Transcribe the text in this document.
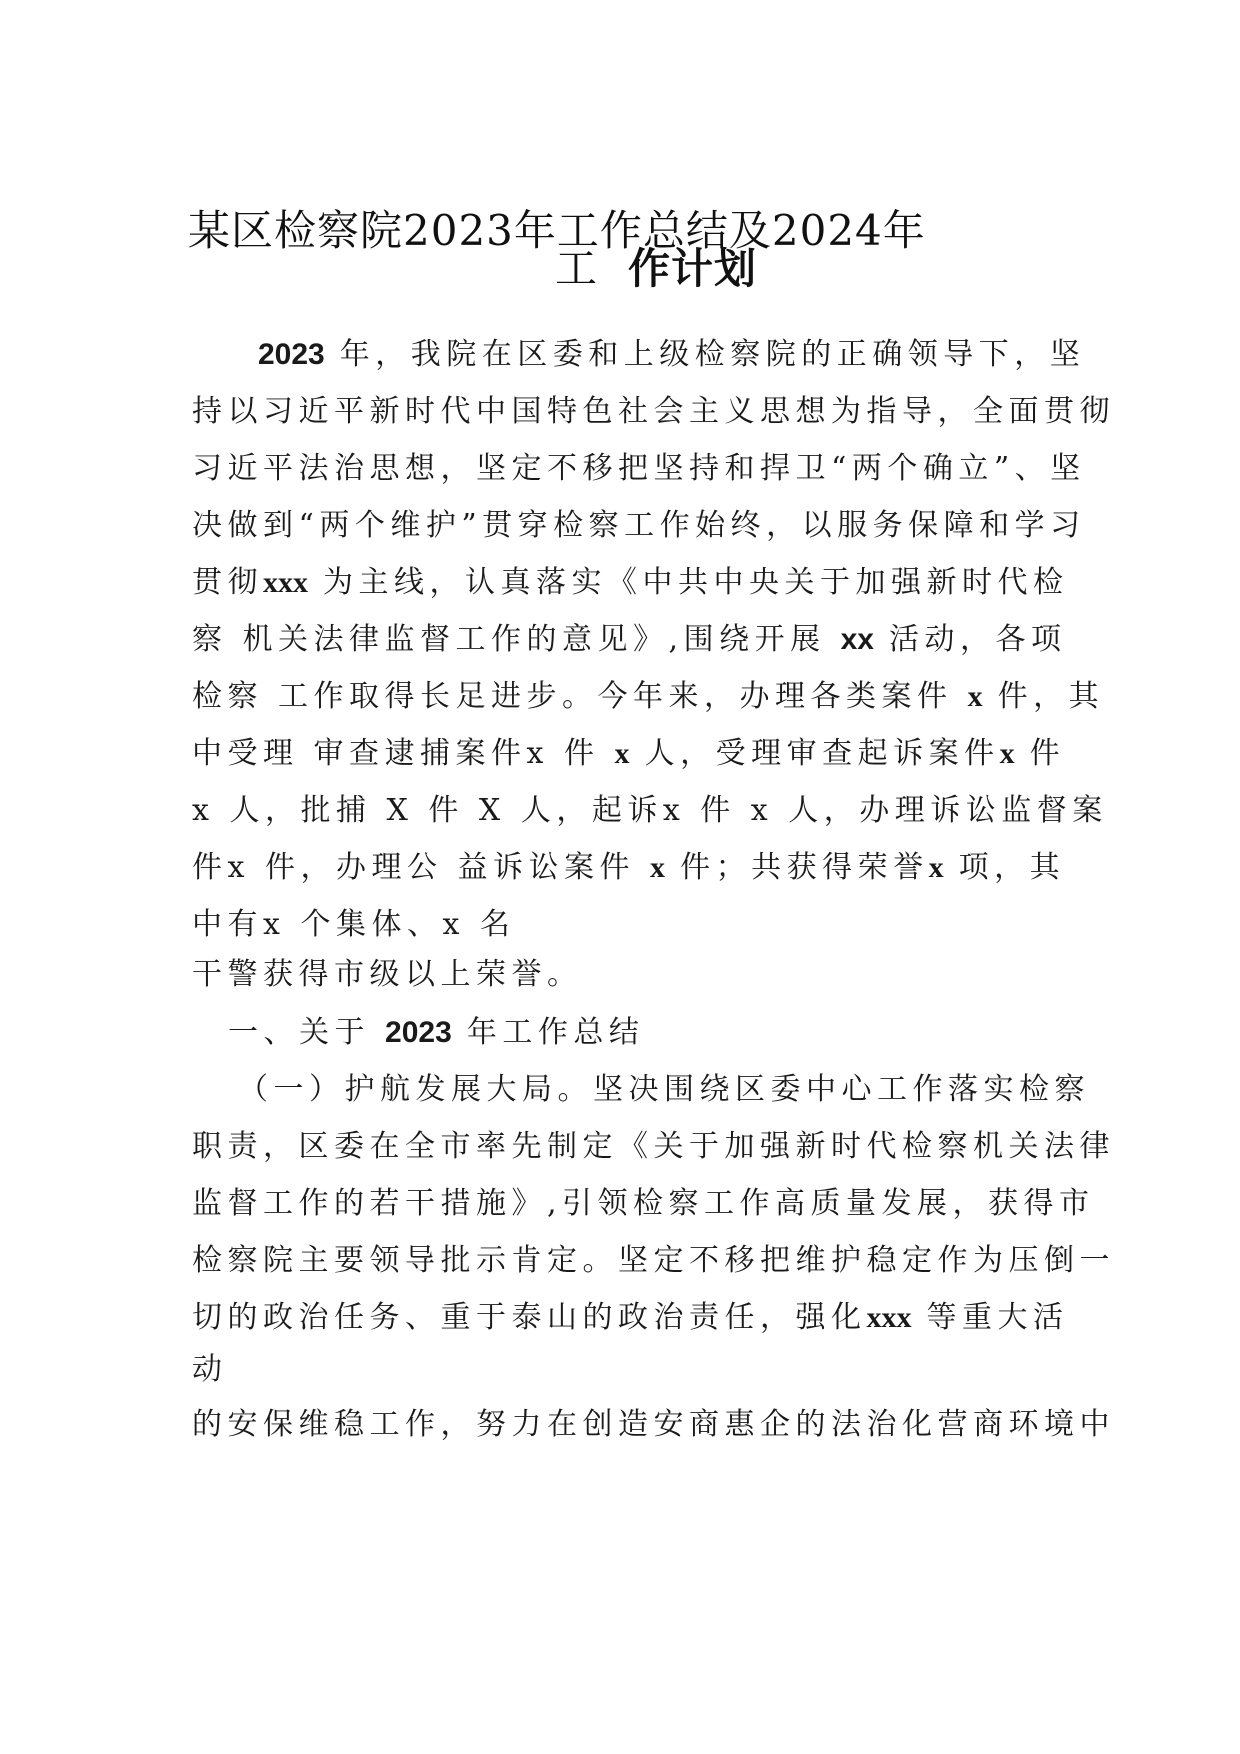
某区检察院2023年工作总结及2024年
工 作计划
2023 年，我院在区委和上级检察院的正确领导下，坚
持以习近平新时代中国特色社会主义思想为指导，全面贯彻
习近平法治思想，坚定不移把坚持和捍卫“两个确立”、坚
决做到“两个维护”贯穿检察工作始终，以服务保障和学习
贯彻xxx 为主线，认真落实《中共中央关于加强新时代检
察 机关法律监督工作的意见》,围绕开展 xx 活动，各项
检察 工作取得长足进步。今年来，办理各类案件 x 件，其
中受理 审查逮捕案件x 件 x 人，受理审查起诉案件x 件
x 人，批捕 X 件 X 人，起诉x 件 x 人，办理诉讼监督案
件x 件，办理公 益诉讼案件 x 件；共获得荣誉x 项，其
中有x 个集体、x 名
干警获得市级以上荣誉。
一、关于 2023 年工作总结
（一）护航发展大局。坚决围绕区委中心工作落实检察
职责，区委在全市率先制定《关于加强新时代检察机关法律
监督工作的若干措施》,引领检察工作高质量发展，获得市
检察院主要领导批示肯定。坚定不移把维护稳定作为压倒一
切的政治任务、重于泰山的政治责任，强化xxx 等重大活
动
的安保维稳工作，努力在创造安商惠企的法治化营商环境中
